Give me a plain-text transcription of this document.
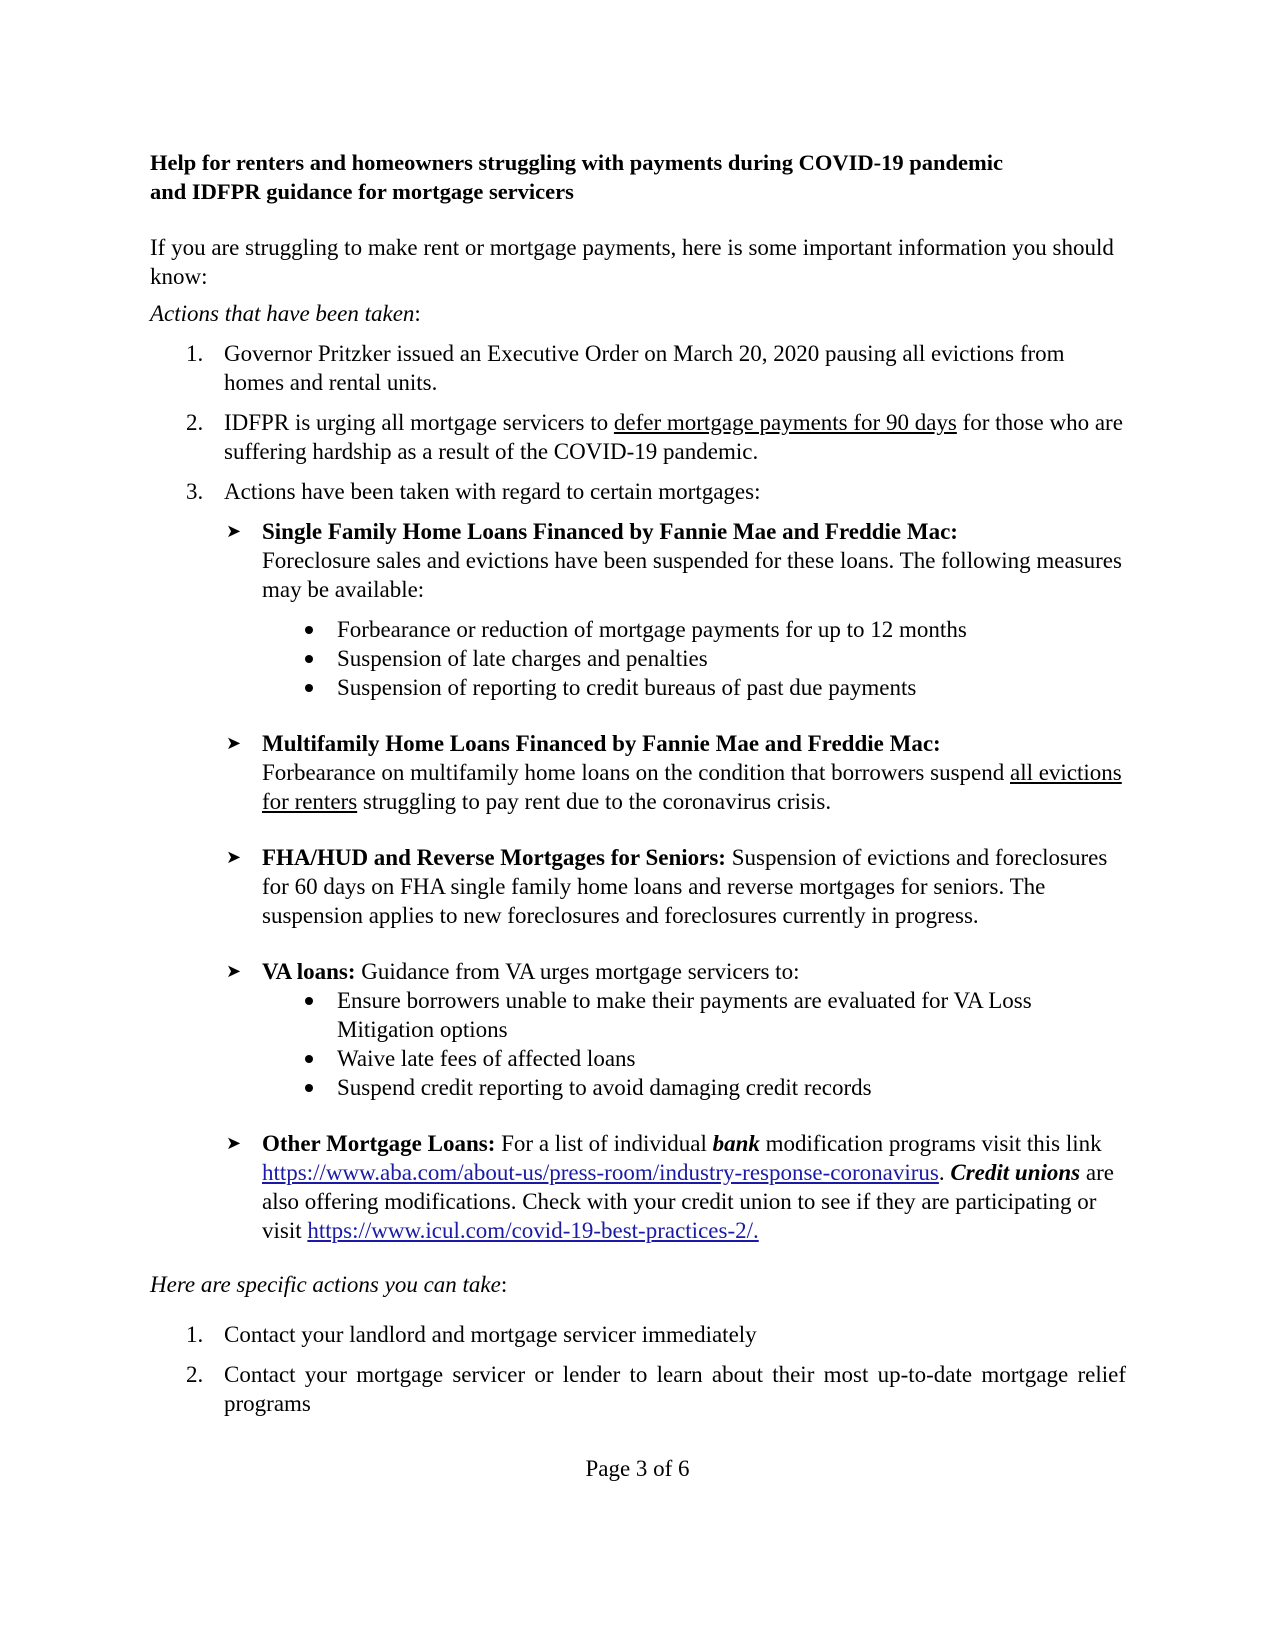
Help for renters and homeowners struggling with payments during COVID-19 pandemic
and IDFPR guidance for mortgage servicers

If you are struggling to make rent or mortgage payments, here is some important information you should know:

Actions that have been taken:

1. Governor Pritzker issued an Executive Order on March 20, 2020 pausing all evictions from homes and rental units.
2. IDFPR is urging all mortgage servicers to defer mortgage payments for 90 days for those who are suffering hardship as a result of the COVID-19 pandemic.
3. Actions have been taken with regard to certain mortgages:
➤ Single Family Home Loans Financed by Fannie Mae and Freddie Mac:
Foreclosure sales and evictions have been suspended for these loans. The following measures may be available:
Forbearance or reduction of mortgage payments for up to 12 months
Suspension of late charges and penalties
Suspension of reporting to credit bureaus of past due payments
➤ Multifamily Home Loans Financed by Fannie Mae and Freddie Mac:
Forbearance on multifamily home loans on the condition that borrowers suspend all evictions for renters struggling to pay rent due to the coronavirus crisis.
➤ FHA/HUD and Reverse Mortgages for Seniors: Suspension of evictions and foreclosures for 60 days on FHA single family home loans and reverse mortgages for seniors. The suspension applies to new foreclosures and foreclosures currently in progress.
➤ VA loans: Guidance from VA urges mortgage servicers to:
Ensure borrowers unable to make their payments are evaluated for VA Loss Mitigation options
Waive late fees of affected loans
Suspend credit reporting to avoid damaging credit records
➤ Other Mortgage Loans: For a list of individual bank modification programs visit this link https://www.aba.com/about-us/press-room/industry-response-coronavirus. Credit unions are also offering modifications. Check with your credit union to see if they are participating or visit https://www.icul.com/covid-19-best-practices-2/.

Here are specific actions you can take:

1. Contact your landlord and mortgage servicer immediately
2. Contact your mortgage servicer or lender to learn about their most up-to-date mortgage relief programs
Page 3 of 6
